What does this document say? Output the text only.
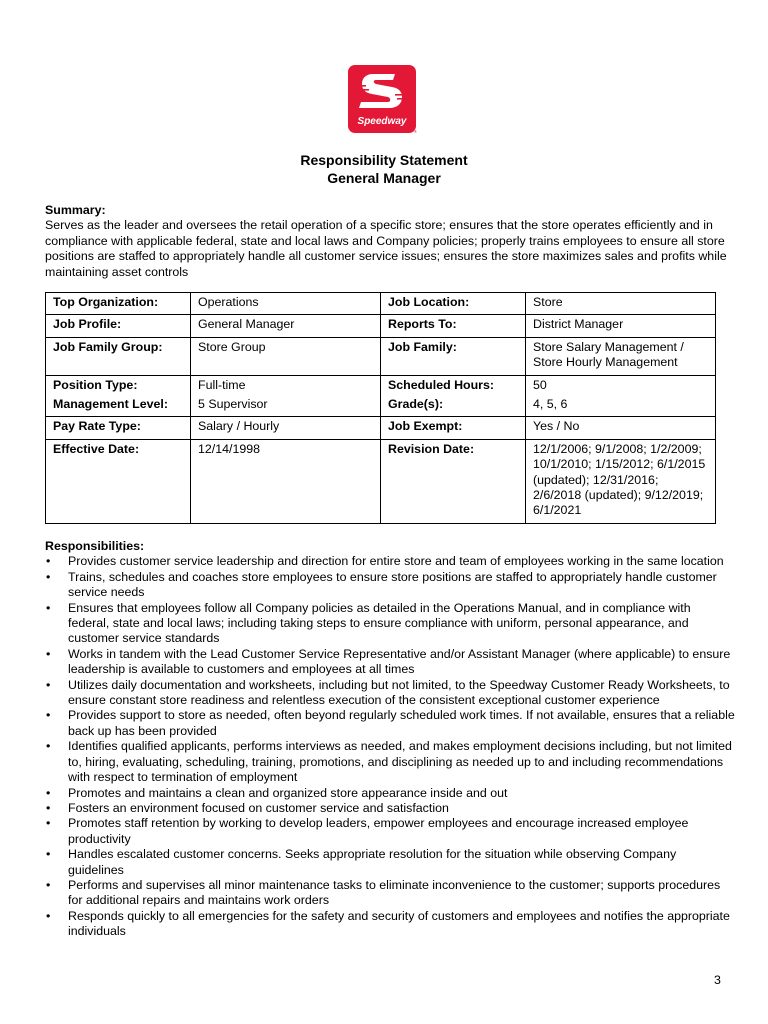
Speedway
®
Responsibility Statement
General Manager
Summary:
Serves as the leader and oversees the retail operation of a specific store; ensures that the store operates efficiently and in compliance with applicable federal, state and local laws and Company policies; properly trains employees to ensure all store positions are staffed to appropriately handle all customer service issues; ensures the store maximizes sales and profits while maintaining asset controls
Top Organization:	Operations	Job Location:	Store
Job Profile:	General Manager	Reports To:	District Manager
Job Family Group:	Store Group	Job Family:	Store Salary Management / Store Hourly Management
Position Type:	Full-time	Scheduled Hours:	50
Management Level:	5 Supervisor	Grade(s):	4, 5, 6
Pay Rate Type:	Salary / Hourly	Job Exempt:	Yes / No
Effective Date:	12/14/1998	Revision Date:	12/1/2006; 9/1/2008; 1/2/2009; 10/1/2010; 1/15/2012; 6/1/2015 (updated); 12/31/2016; 2/6/2018 (updated); 9/12/2019; 6/1/2021
Responsibilities:
• Provides customer service leadership and direction for entire store and team of employees working in the same location
• Trains, schedules and coaches store employees to ensure store positions are staffed to appropriately handle customer service needs
• Ensures that employees follow all Company policies as detailed in the Operations Manual, and in compliance with federal, state and local laws; including taking steps to ensure compliance with uniform, personal appearance, and customer service standards
• Works in tandem with the Lead Customer Service Representative and/or Assistant Manager (where applicable) to ensure leadership is available to customers and employees at all times
• Utilizes daily documentation and worksheets, including but not limited, to the Speedway Customer Ready Worksheets, to ensure constant store readiness and relentless execution of the consistent exceptional customer experience
• Provides support to store as needed, often beyond regularly scheduled work times. If not available, ensures that a reliable back up has been provided
• Identifies qualified applicants, performs interviews as needed, and makes employment decisions including, but not limited to, hiring, evaluating, scheduling, training, promotions, and disciplining as needed up to and including recommendations with respect to termination of employment
• Promotes and maintains a clean and organized store appearance inside and out
• Fosters an environment focused on customer service and satisfaction
• Promotes staff retention by working to develop leaders, empower employees and encourage increased employee productivity
• Handles escalated customer concerns. Seeks appropriate resolution for the situation while observing Company guidelines
• Performs and supervises all minor maintenance tasks to eliminate inconvenience to the customer; supports procedures for additional repairs and maintains work orders
• Responds quickly to all emergencies for the safety and security of customers and employees and notifies the appropriate individuals
3
